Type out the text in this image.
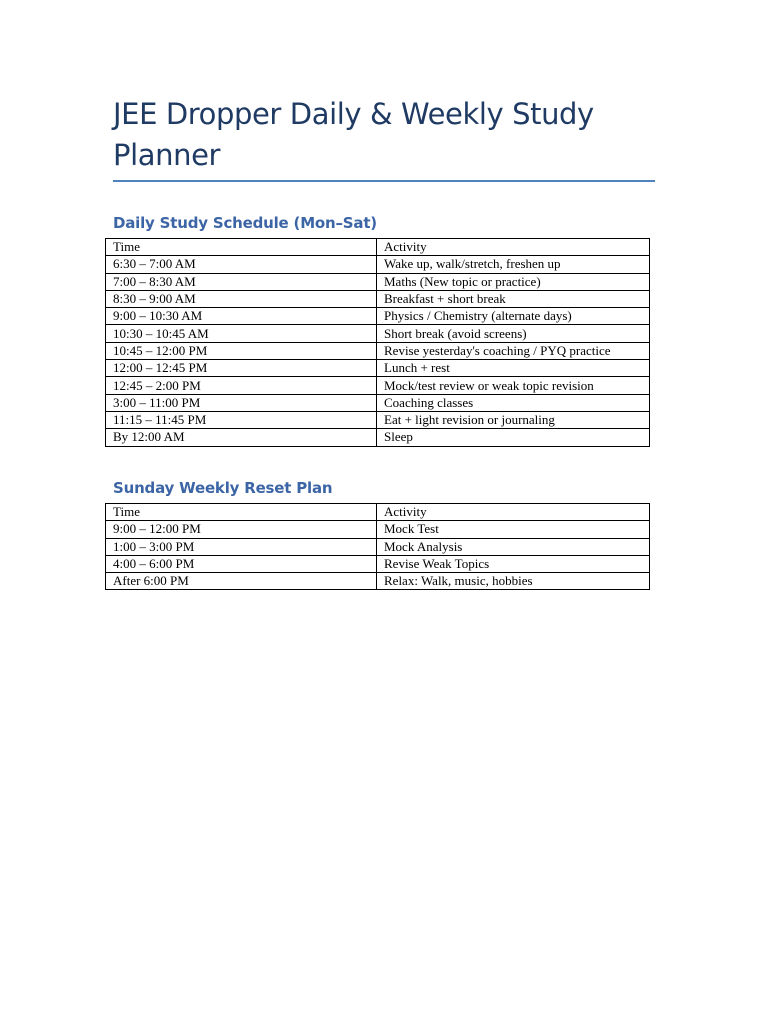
JEE Dropper Daily & Weekly Study Planner
Daily Study Schedule (Mon–Sat)
Time	Activity
6:30 – 7:00 AM	Wake up, walk/stretch, freshen up
7:00 – 8:30 AM	Maths (New topic or practice)
8:30 – 9:00 AM	Breakfast + short break
9:00 – 10:30 AM	Physics / Chemistry (alternate days)
10:30 – 10:45 AM	Short break (avoid screens)
10:45 – 12:00 PM	Revise yesterday's coaching / PYQ practice
12:00 – 12:45 PM	Lunch + rest
12:45 – 2:00 PM	Mock/test review or weak topic revision
3:00 – 11:00 PM	Coaching classes
11:15 – 11:45 PM	Eat + light revision or journaling
By 12:00 AM	Sleep
Sunday Weekly Reset Plan
Time	Activity
9:00 – 12:00 PM	Mock Test
1:00 – 3:00 PM	Mock Analysis
4:00 – 6:00 PM	Revise Weak Topics
After 6:00 PM	Relax: Walk, music, hobbies
